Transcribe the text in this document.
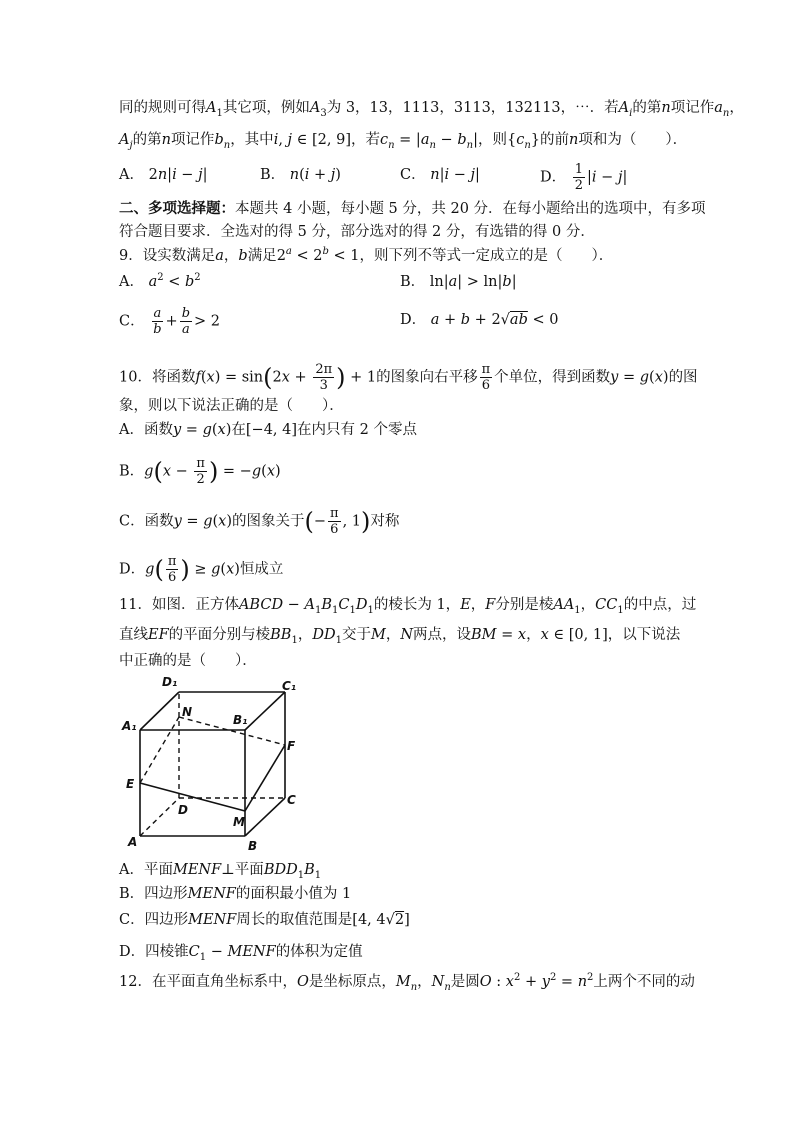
同的规则可得$A_1$其它项，例如$A_3$为 3，13，1113，3113，132113，⋯．若$A_i$的第n项记作$a_n$，
$A_j$的第n项记作$b_n$，其中i, j ∈ [2, 9]，若$c_n = |a_n - b_n|$，则$\{c_n\}$的前n项和为（　　）．
A． 2n|i − j|	B． n(i + j)	C． n|i − j|	D． $\frac{1}{2} |i - j|$
二、多项选择题：本题共 4 小题，每小题 5 分，共 20 分．在每小题给出的选项中，有多项
符合题目要求．全选对的得 5 分，部分选对的得 2 分，有选错的得 0 分．
9．设实数满足a，b满足$2^a < 2^b < 1$，则下列不等式一定成立的是（　　）．
A． $a^2 < b^2$	B． ln|a| > ln|b|
C． $\frac{a}{b} + \frac{b}{a} > 2$	D． a + b + 2√ab < 0
10．将函数$f(x) = \sin(2x + \frac{2\pi}{3}$ ) + 1的图象向右平移 $\frac{\pi}{6}$ 个单位，得到函数y = g(x)的图
象，则以下说法正确的是（　　）．
A．函数y = g(x)在[−4, 4]在内只有 2 个零点
B．$g(x - \frac{\pi}{2}$ ) = −g(x)
C．函数y = g(x)的图象关于(− $\frac{\pi}{6}$ , 1)对称
D．$g( \frac{\pi}{6}$ ) ≥ g(x)恒成立
11．如图．正方体ABCD − $A_1B_1C_1D_1$的棱长为 1，E，F分别是棱$AA_1$，$CC_1$的中点，过
直线EF的平面分别与棱$BB_1$，$DD_1$交于M，N两点，设BM = x，x ∈ [0, 1]，以下说法
中正确的是（　　）．
D₁	C₁
N
B₁
A₁
F
E
C
D
M
A	B
A．平面MENF⊥平面$BDD_1B_1$
B．四边形MENF的面积最小值为 1
C．四边形MENF周长的取值范围是[4, 4√2]
D．四棱锥$C_1$ − MENF的体积为定值
12．在平面直角坐标系中，O是坐标原点，$M_n$，$N_n$是圆O : $x^2 + y^2 = n^2$上两个不同的动
